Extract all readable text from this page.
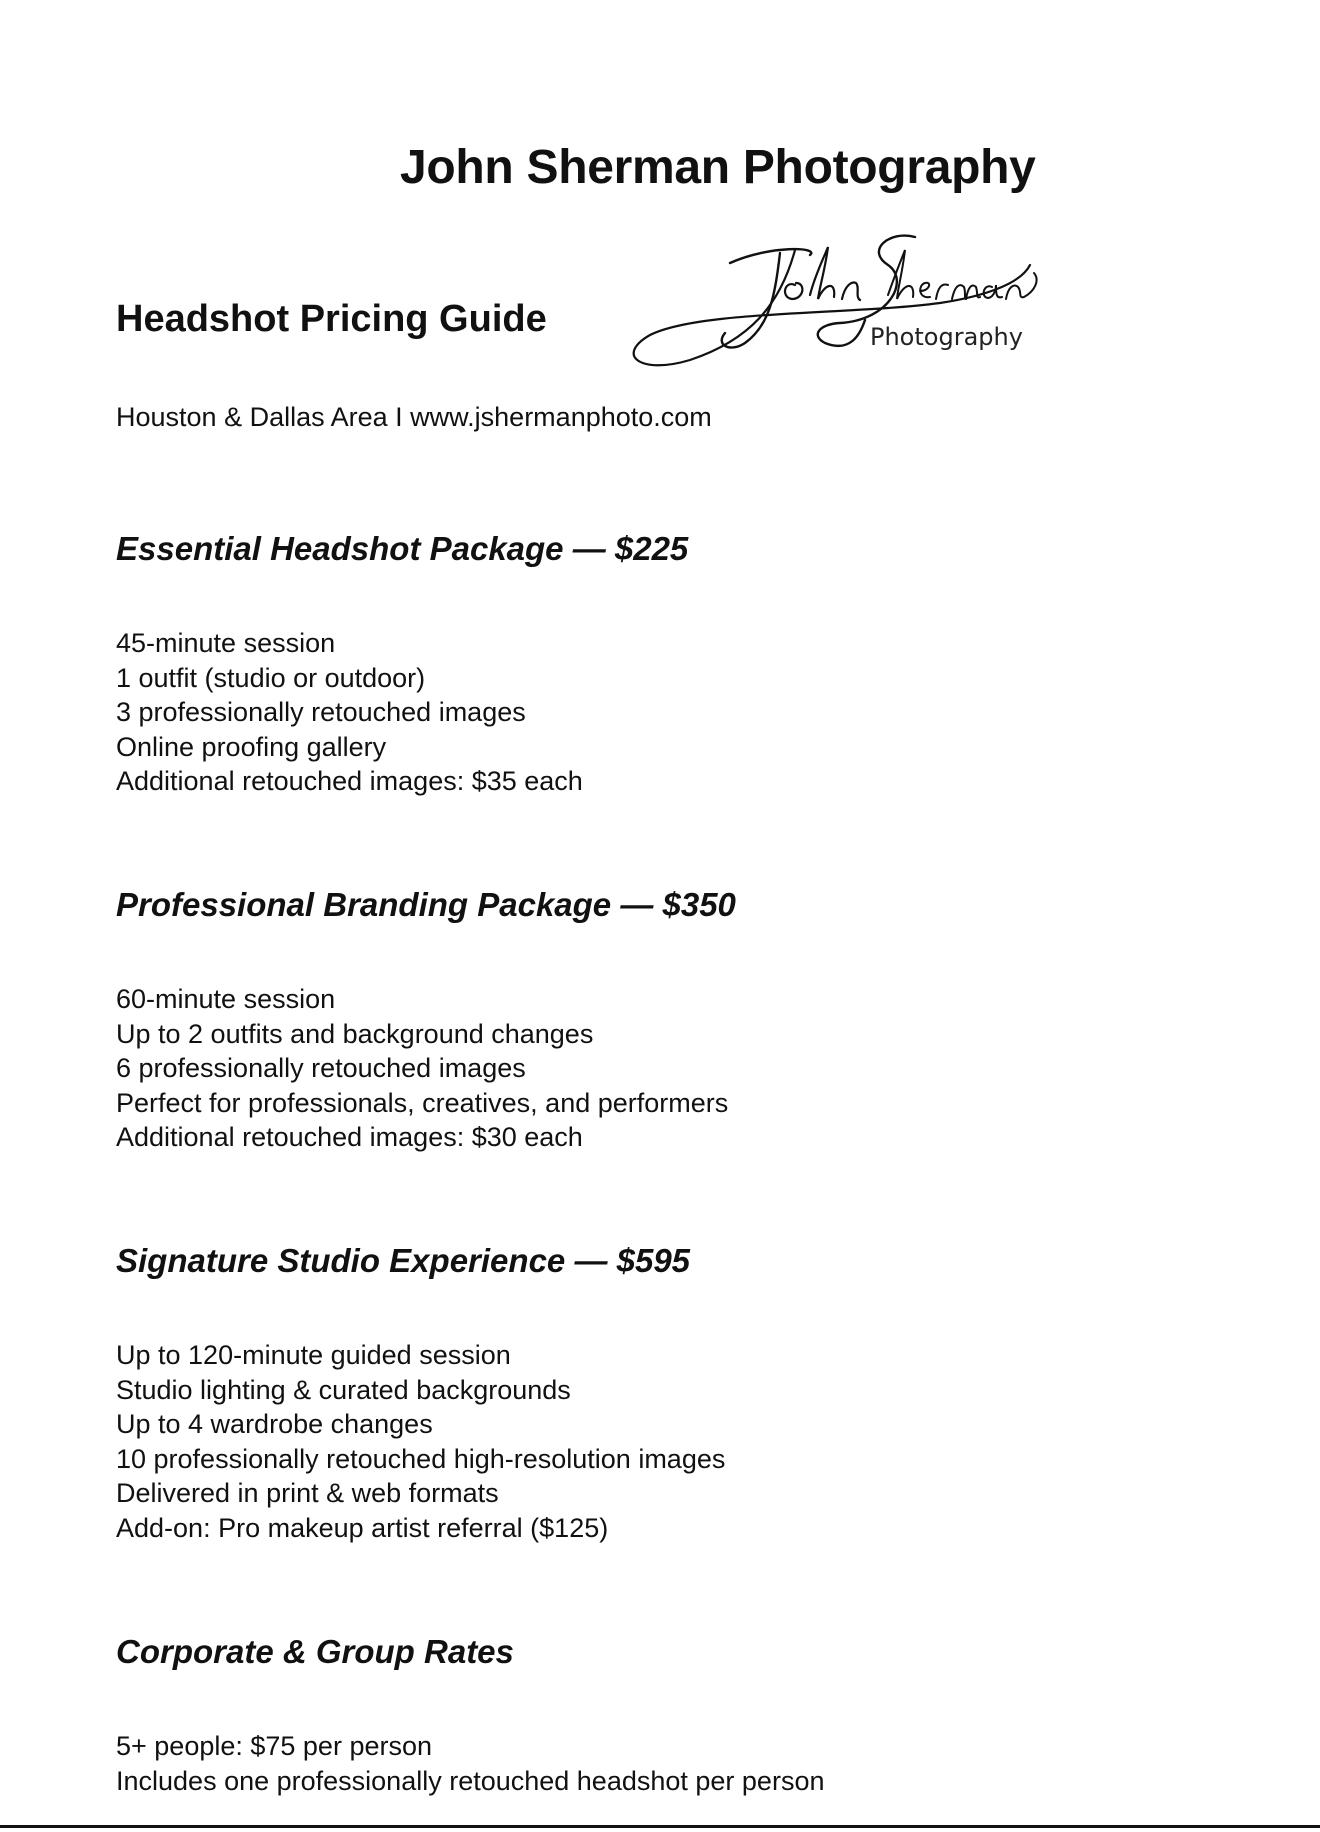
John Sherman Photography
Headshot Pricing Guide	Photography
Houston & Dallas Area I www.jshermanphoto.com
Essential Headshot Package — $225
45-minute session
1 outfit (studio or outdoor)
3 professionally retouched images
Online proofing gallery
Additional retouched images: $35 each
Professional Branding Package — $350
60-minute session
Up to 2 outfits and background changes
6 professionally retouched images
Perfect for professionals, creatives, and performers
Additional retouched images: $30 each
Signature Studio Experience — $595
Up to 120-minute guided session
Studio lighting & curated backgrounds
Up to 4 wardrobe changes
10 professionally retouched high-resolution images
Delivered in print & web formats
Add-on: Pro makeup artist referral ($125)
Corporate & Group Rates
5+ people: $75 per person
Includes one professionally retouched headshot per person
